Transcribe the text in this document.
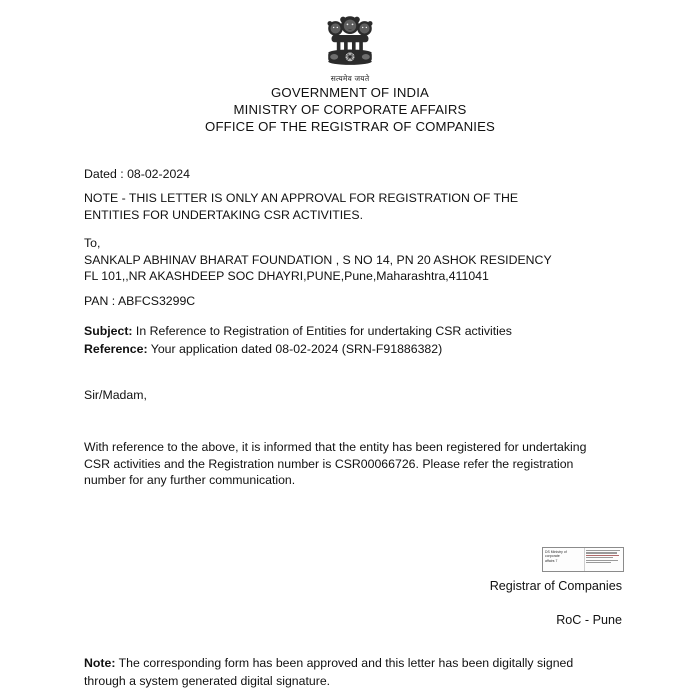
सत्यमेव जयते
GOVERNMENT OF INDIA
MINISTRY OF CORPORATE AFFAIRS
OFFICE OF THE REGISTRAR OF COMPANIES
Dated : 08-02-2024
NOTE - THIS LETTER IS ONLY AN APPROVAL FOR REGISTRATION OF THE
ENTITIES FOR UNDERTAKING CSR ACTIVITIES.
To,
SANKALP ABHINAV BHARAT FOUNDATION , S NO 14, PN 20 ASHOK RESIDENCY
FL 101,,NR AKASHDEEP SOC DHAYRI,PUNE,Pune,Maharashtra,411041
PAN : ABFCS3299C
Subject: In Reference to Registration of Entities for undertaking CSR activities
Reference: Your application dated 08-02-2024 (SRN-F91886382)
Sir/Madam,
With reference to the above, it is informed that the entity has been registered for undertaking
CSR activities and the Registration number is CSR00066726. Please refer the registration
number for any further communication.
Note: The corresponding form has been approved and this letter has been digitally signed
through a system generated digital signature.
DS Ministry of
corporate
affairs 7
Registrar of Companies
RoC - Pune
